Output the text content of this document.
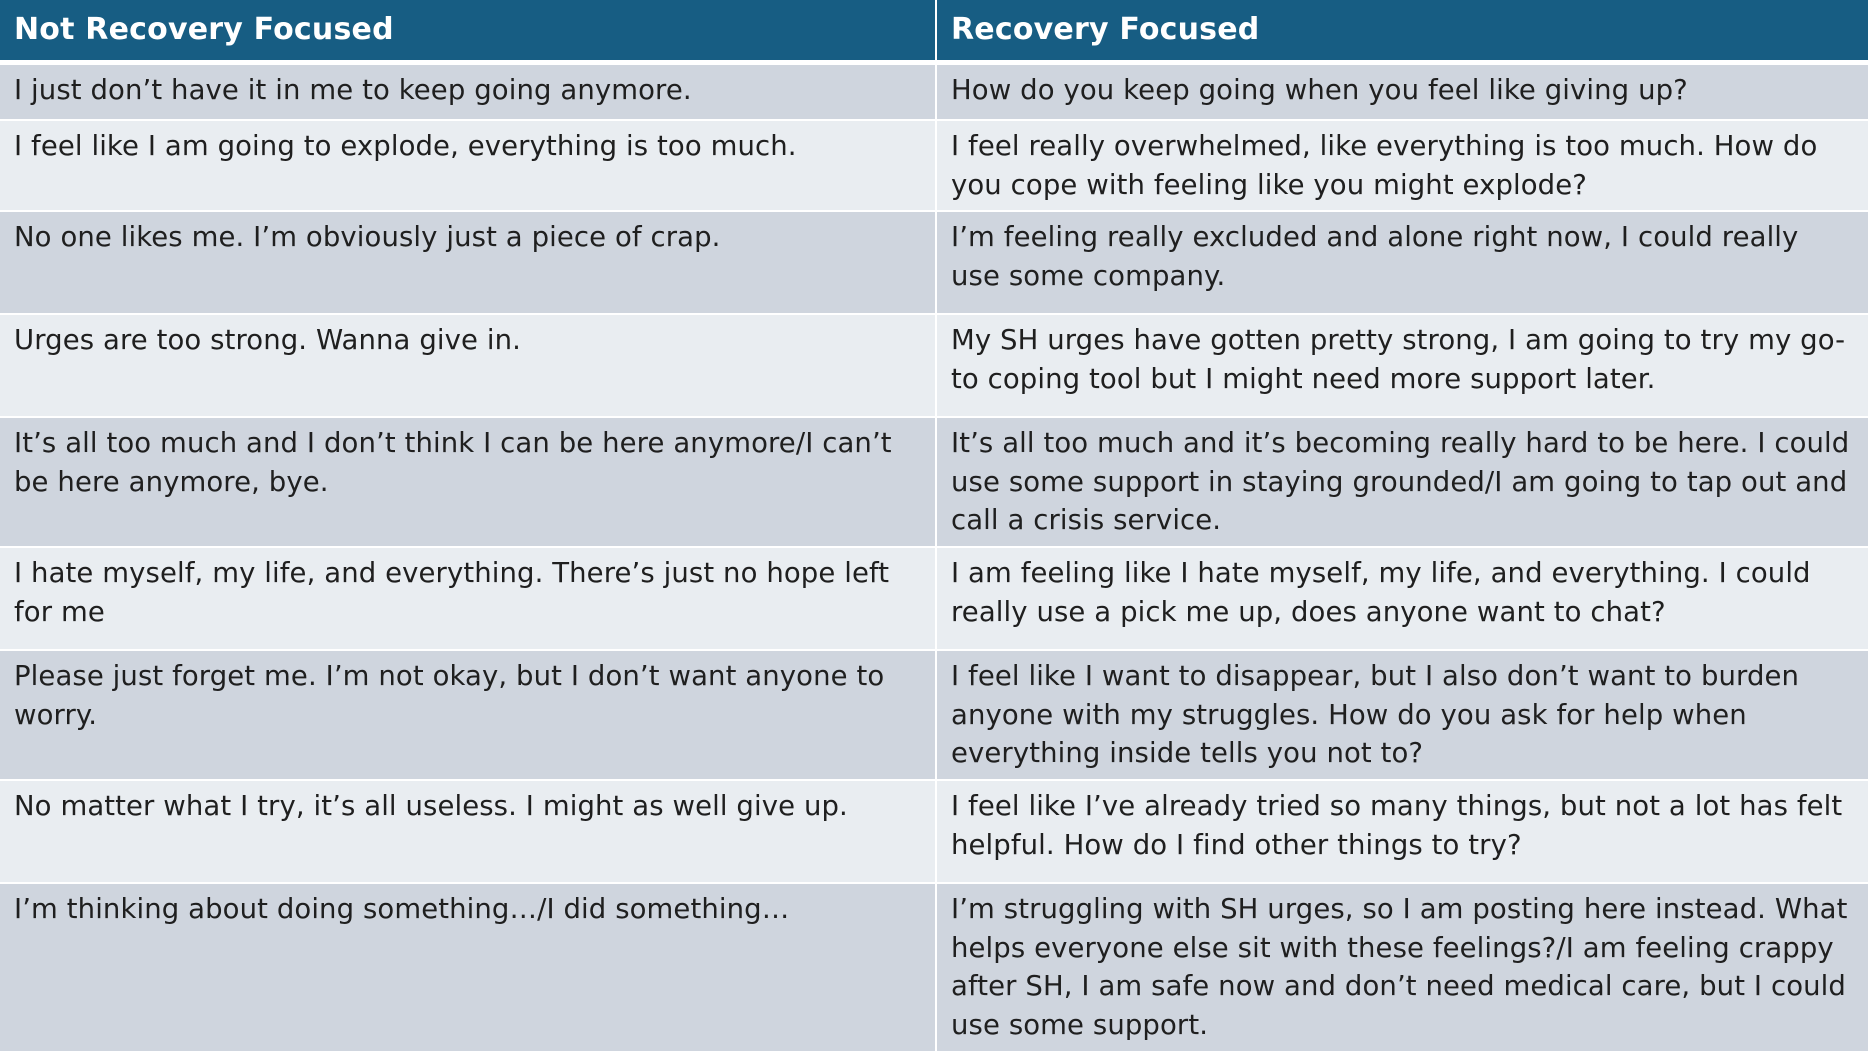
Not Recovery Focused	Recovery Focused
I just don’t have it in me to keep going anymore.	How do you keep going when you feel like giving up?
I feel like I am going to explode, everything is too much.	I feel really overwhelmed, like everything is too much. How do you cope with feeling like you might explode?
No one likes me. I’m obviously just a piece of crap.	I’m feeling really excluded and alone right now, I could really use some company.
Urges are too strong. Wanna give in.	My SH urges have gotten pretty strong, I am going to try my go-to coping tool but I might need more support later.
It’s all too much and I don’t think I can be here anymore/I can’t be here anymore, bye.	It’s all too much and it’s becoming really hard to be here. I could use some support in staying grounded/I am going to tap out and call a crisis service.
I hate myself, my life, and everything. There’s just no hope left for me	I am feeling like I hate myself, my life, and everything. I could really use a pick me up, does anyone want to chat?
Please just forget me. I’m not okay, but I don’t want anyone to worry.	I feel like I want to disappear, but I also don’t want to burden anyone with my struggles. How do you ask for help when everything inside tells you not to?
No matter what I try, it’s all useless. I might as well give up.	I feel like I’ve already tried so many things, but not a lot has felt helpful. How do I find other things to try?
I’m thinking about doing something…/I did something…	I’m struggling with SH urges, so I am posting here instead. What helps everyone else sit with these feelings?/I am feeling crappy after SH, I am safe now and don’t need medical care, but I could use some support.
